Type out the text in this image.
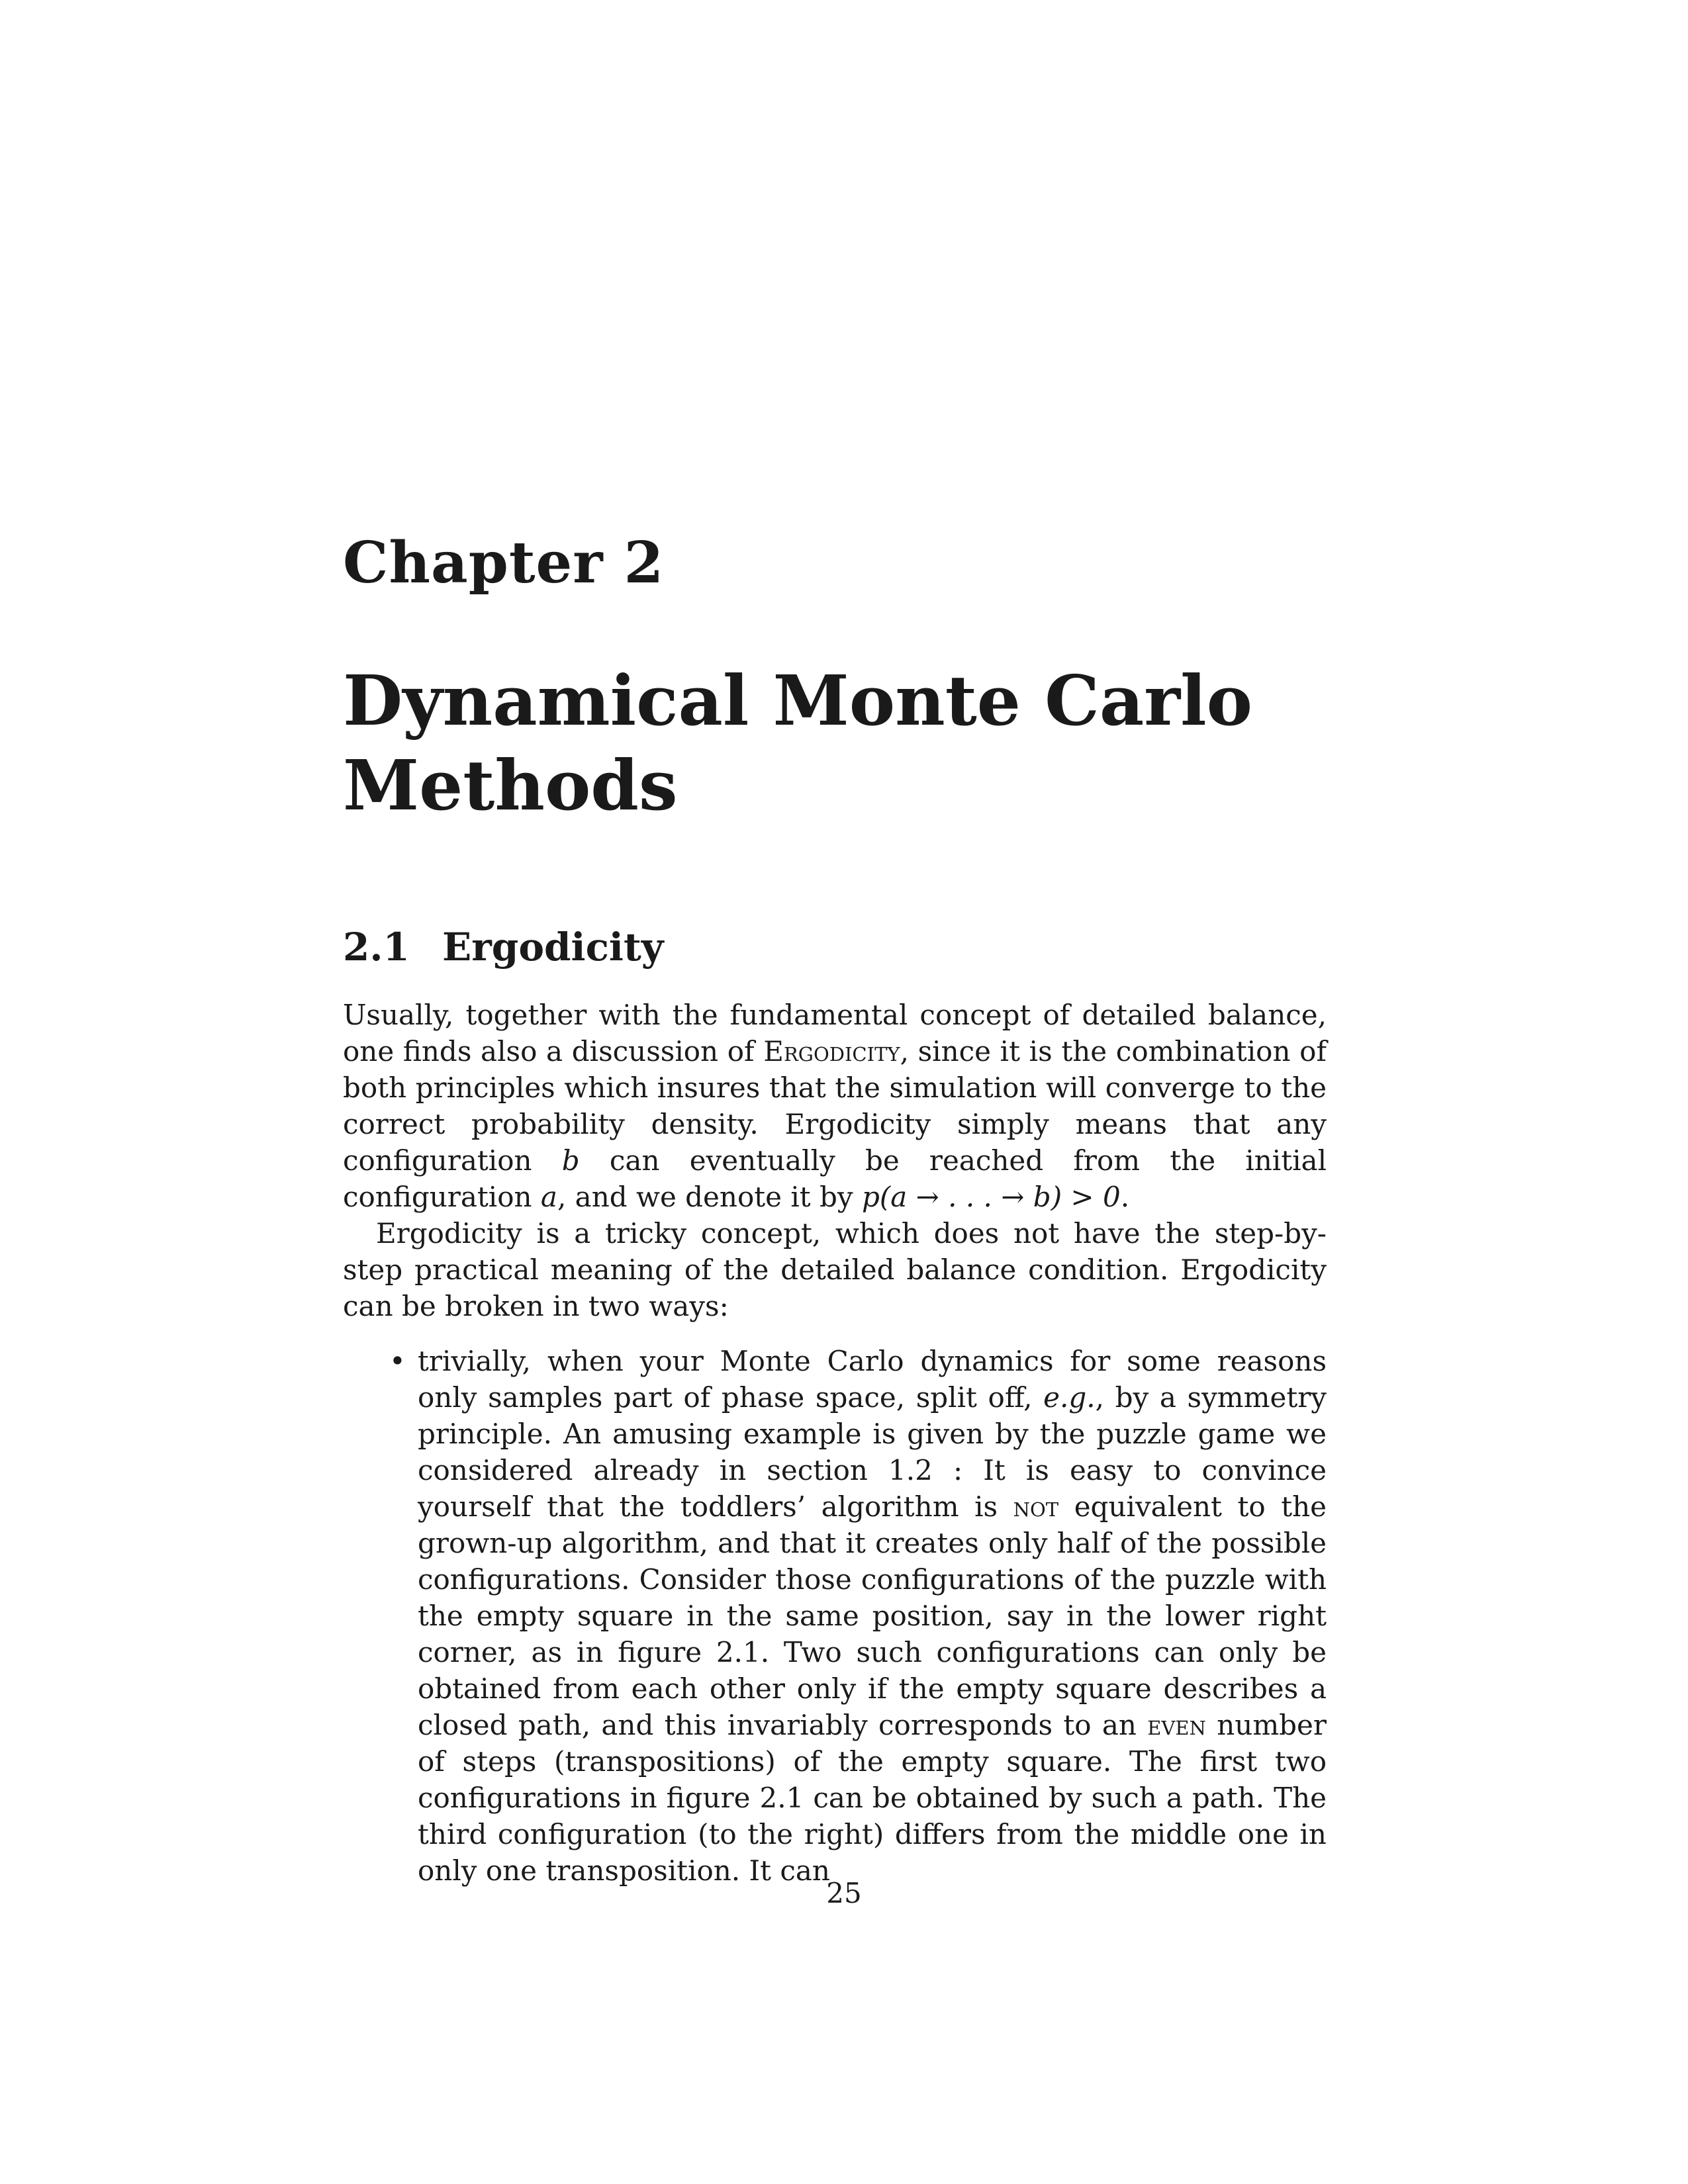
Chapter 2
Dynamical Monte Carlo
Methods
2.1 Ergodicity

Usually, together with the fundamental concept of detailed balance, one finds also a discussion of Ergodicity, since it is the combination of both principles which insures that the simulation will converge to the correct probability density. Ergodicity simply means that any configuration b can eventually be reached from the initial configuration a, and we denote it by p(a → . . . → b) > 0.

Ergodicity is a tricky concept, which does not have the step-by-step practical meaning of the detailed balance condition. Ergodicity can be broken in two ways:

• trivially, when your Monte Carlo dynamics for some reasons only samples part of phase space, split off, e.g., by a symmetry principle. An amusing example is given by the puzzle game we considered already in section 1.2 : It is easy to convince yourself that the toddlers’ algorithm is not equivalent to the grown-up algorithm, and that it creates only half of the possible configurations. Consider those configurations of the puzzle with the empty square in the same position, say in the lower right corner, as in figure 2.1. Two such configurations can only be obtained from each other only if the empty square describes a closed path, and this invariably corresponds to an even number of steps (transpositions) of the empty square. The first two configurations in figure 2.1 can be obtained by such a path. The third configuration (to the right) differs from the middle one in only one transposition. It can
25
